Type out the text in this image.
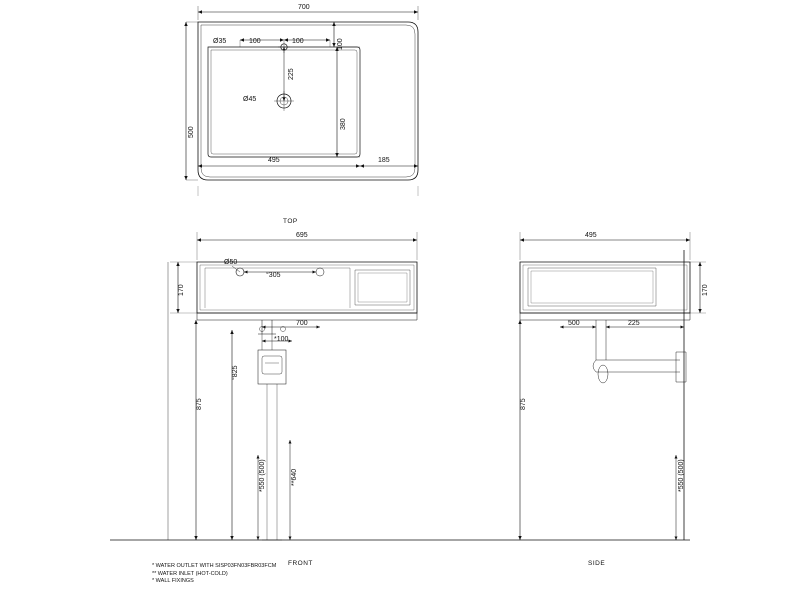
700
Ø35	100	100	100
225
Ø45
380
500
495	185
TOP
695
170
Ø50
°305
700
*100
°825
875
*550 (500)	**640
FRONT
495
170
500	225
875
*550 (500)
SIDE
* WATER OUTLET WITH SISP03FN03FBR03FCM
** WATER INLET (HOT-COLD)
* WALL FIXINGS
